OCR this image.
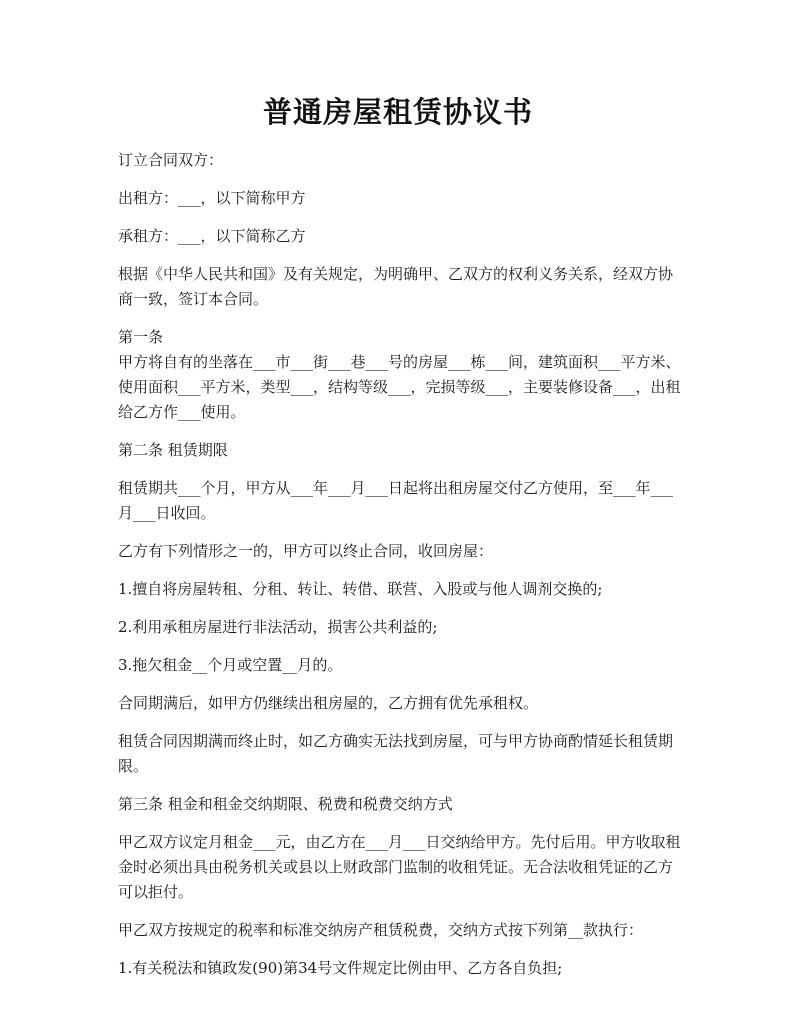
普通房屋租赁协议书

订立合同双方：

出租方：___，以下简称甲方

承租方：___，以下简称乙方

根据《中华人民共和国》及有关规定，为明确甲、乙双方的权利义务关系，经双方协商一致，签订本合同。

第一条

甲方将自有的坐落在___市___街___巷___号的房屋___栋___间，建筑面积___平方米、使用面积___平方米，类型___，结构等级___，完损等级___，主要装修设备___，出租给乙方作___使用。

第二条 租赁期限

租赁期共___个月，甲方从___年___月___日起将出租房屋交付乙方使用，至___年___月___日收回。

乙方有下列情形之一的，甲方可以终止合同，收回房屋：

1.擅自将房屋转租、分租、转让、转借、联营、入股或与他人调剂交换的;

2.利用承租房屋进行非法活动，损害公共利益的;

3.拖欠租金__个月或空置__月的。

合同期满后，如甲方仍继续出租房屋的，乙方拥有优先承租权。

租赁合同因期满而终止时，如乙方确实无法找到房屋，可与甲方协商酌情延长租赁期限。

第三条 租金和租金交纳期限、税费和税费交纳方式

甲乙双方议定月租金___元，由乙方在___月___日交纳给甲方。先付后用。甲方收取租金时必须出具由税务机关或县以上财政部门监制的收租凭证。无合法收租凭证的乙方可以拒付。

甲乙双方按规定的税率和标准交纳房产租赁税费，交纳方式按下列第__款执行：

1.有关税法和镇政发(90)第34号文件规定比例由甲、乙方各自负担;
